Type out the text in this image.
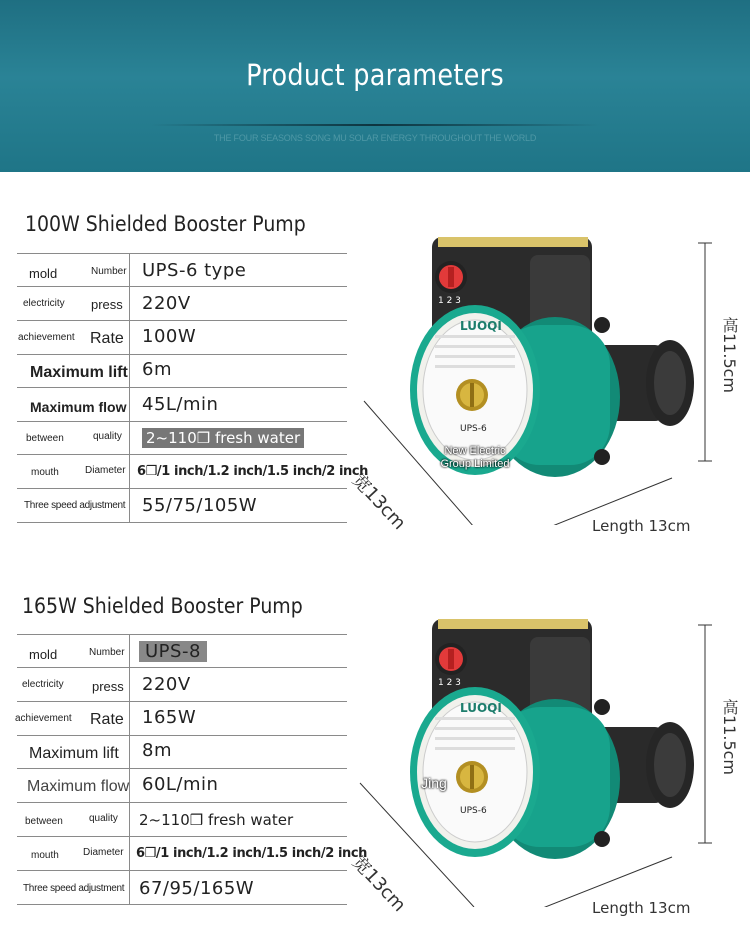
Product parameters
THE FOUR SEASONS SONG MU SOLAR ENERGY THROUGHOUT THE WORLD
100W Shielded Booster Pump
mold	Number UPS-6 type
electricity press 220V
achievement Rate 100W
Maximum lift 6m
Maximum flow 45L/min
between	quality 2~110❒ fresh water
mouth	Diameter 6❒/1 inch/1.2 inch/1.5 inch/2 inch
Three speed adjustment 55/75/105W
1 2 3
LUOQI
UPS-6
高11.5cm
宽13cm	Length 13cm
New Electric Group Limited
165W Shielded Booster Pump
mold	Number	UPS-8
electricity press 220V
achievement Rate 165W
Maximum lift 8m
Maximum flow 60L/min
between	quality 2~110❒ fresh water
mouth Diameter 6❒/1 inch/1.2 inch/1.5 inch/2 inch
Three speed adjustment 67/95/165W
1 2 3
LUOQI
UPS-6
高11.5cm
宽13cm	Length 13cm
Jing
